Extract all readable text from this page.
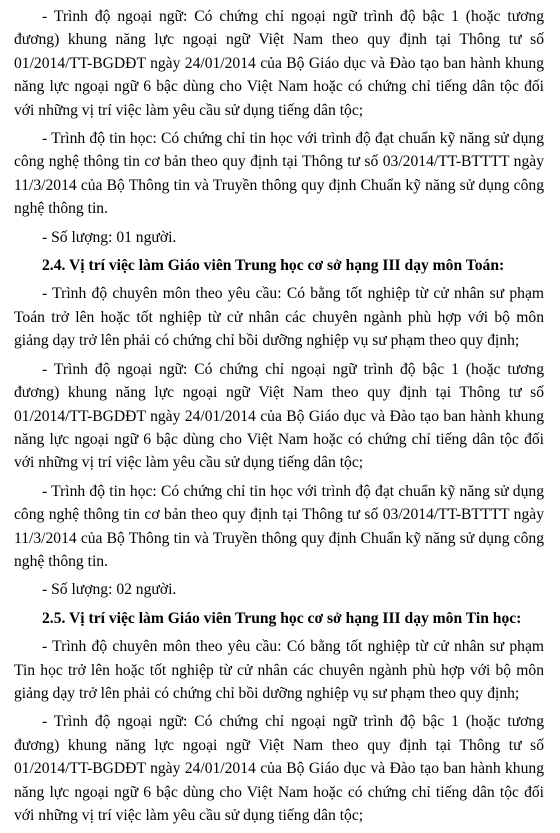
- Trình độ ngoại ngữ: Có chứng chỉ ngoại ngữ trình độ bậc 1 (hoặc tương đương) khung năng lực ngoại ngữ Việt Nam theo quy định tại Thông tư số 01/2014/TT-BGDĐT ngày 24/01/2014 của Bộ Giáo dục và Đào tạo ban hành khung năng lực ngoại ngữ 6 bậc dùng cho Việt Nam hoặc có chứng chỉ tiếng dân tộc đối với những vị trí việc làm yêu cầu sử dụng tiếng dân tộc;

- Trình độ tin học: Có chứng chỉ tin học với trình độ đạt chuẩn kỹ năng sử dụng công nghệ thông tin cơ bản theo quy định tại Thông tư số 03/2014/TT-BTTTT ngày 11/3/2014 của Bộ Thông tin và Truyền thông quy định Chuẩn kỹ năng sử dụng công nghệ thông tin.

- Số lượng: 01 người.

2.4. Vị trí việc làm Giáo viên Trung học cơ sở hạng III dạy môn Toán:

- Trình độ chuyên môn theo yêu cầu: Có bằng tốt nghiệp từ cử nhân sư phạm Toán trở lên hoặc tốt nghiệp từ cử nhân các chuyên ngành phù hợp với bộ môn giảng dạy trở lên phải có chứng chỉ bồi dưỡng nghiệp vụ sư phạm theo quy định;

- Trình độ ngoại ngữ: Có chứng chỉ ngoại ngữ trình độ bậc 1 (hoặc tương đương) khung năng lực ngoại ngữ Việt Nam theo quy định tại Thông tư số 01/2014/TT-BGDĐT ngày 24/01/2014 của Bộ Giáo dục và Đào tạo ban hành khung năng lực ngoại ngữ 6 bậc dùng cho Việt Nam hoặc có chứng chỉ tiếng dân tộc đối với những vị trí việc làm yêu cầu sử dụng tiếng dân tộc;

- Trình độ tin học: Có chứng chỉ tin học với trình độ đạt chuẩn kỹ năng sử dụng công nghệ thông tin cơ bản theo quy định tại Thông tư số 03/2014/TT-BTTTT ngày 11/3/2014 của Bộ Thông tin và Truyền thông quy định Chuẩn kỹ năng sử dụng công nghệ thông tin.

- Số lượng: 02 người.

2.5. Vị trí việc làm Giáo viên Trung học cơ sở hạng III dạy môn Tin học:

- Trình độ chuyên môn theo yêu cầu: Có bằng tốt nghiệp từ cử nhân sư phạm Tin học trở lên hoặc tốt nghiệp từ cử nhân các chuyên ngành phù hợp với bộ môn giảng dạy trở lên phải có chứng chỉ bồi dưỡng nghiệp vụ sư phạm theo quy định;

- Trình độ ngoại ngữ: Có chứng chỉ ngoại ngữ trình độ bậc 1 (hoặc tương đương) khung năng lực ngoại ngữ Việt Nam theo quy định tại Thông tư số 01/2014/TT-BGDĐT ngày 24/01/2014 của Bộ Giáo dục và Đào tạo ban hành khung năng lực ngoại ngữ 6 bậc dùng cho Việt Nam hoặc có chứng chỉ tiếng dân tộc đối với những vị trí việc làm yêu cầu sử dụng tiếng dân tộc;
